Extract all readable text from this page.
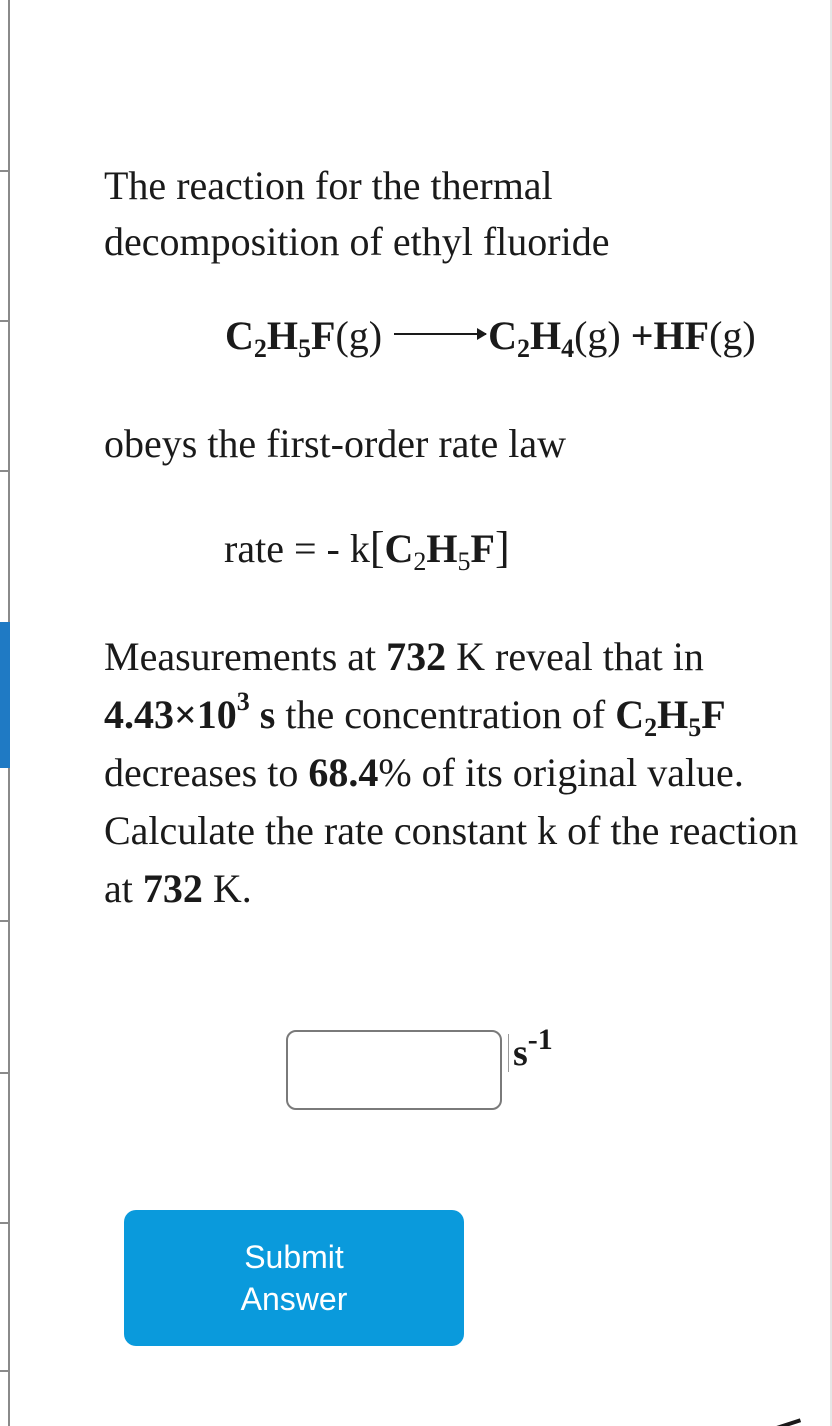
The reaction for the thermal
decomposition of ethyl fluoride

$C_2H_5F(g) \to C_2H_4(g) +HF(g)$

obeys the first-order rate law

rate = - $k[C_2H_5F]$

Measurements at 732 K reveal that in $4.43\times 10^3$ s the concentration of $C_2H_5F$ decreases to 68.4% of its original value. Calculate the rate constant k of the reaction at 732 K.

$s^{-1}$
Submit
Answer
